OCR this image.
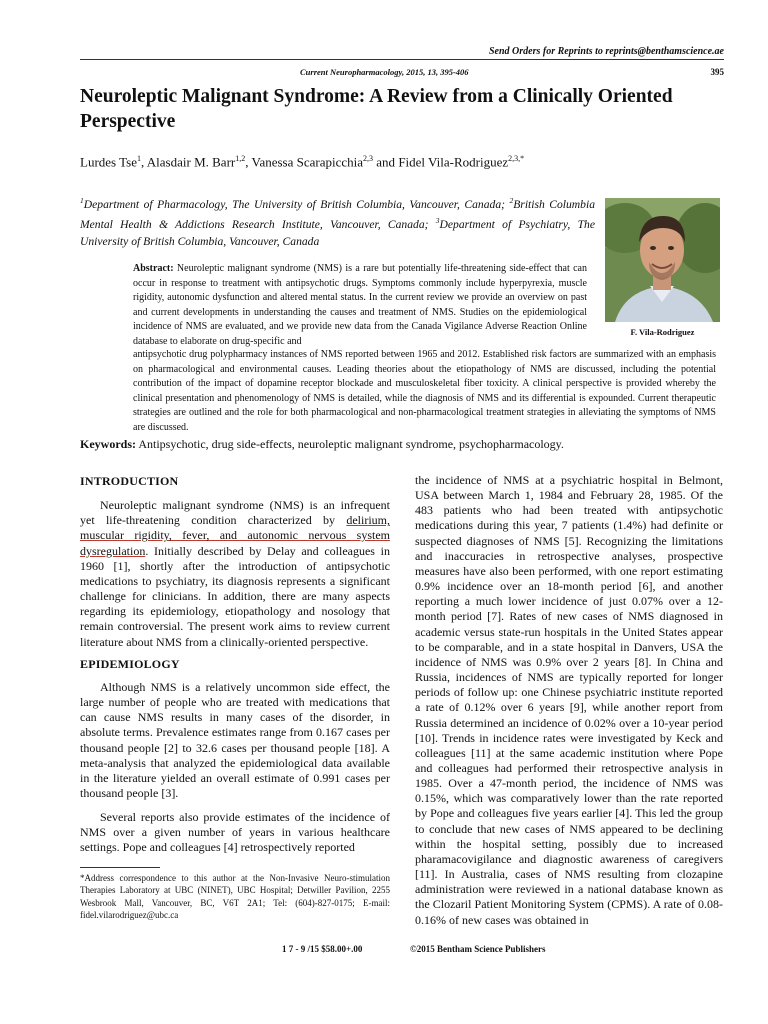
Send Orders for Reprints to reprints@benthamscience.ae
Current Neuropharmacology, 2015, 13, 395-406	395
Neuroleptic Malignant Syndrome: A Review from a Clinically Oriented Perspective
Lurdes Tse$^1$, Alasdair M. Barr$^{1,2}$, Vanessa Scarapicchia$^{2,3}$ and Fidel Vila-Rodriguez$^{2,3,*}$

$^1$Department of Pharmacology, The University of British Columbia, Vancouver, Canada; $^2$British Columbia Mental Health & Addictions Research Institute, Vancouver, Canada; $^3$Department of Psychiatry, The University of British Columbia, Vancouver, Canada

F. Vila-Rodriguez

Abstract: Neuroleptic malignant syndrome (NMS) is a rare but potentially life-threatening side-effect that can occur in response to treatment with antipsychotic drugs. Symptoms commonly include hyperpyrexia, muscle rigidity, autonomic dysfunction and altered mental status. In the current review we provide an overview on past and current developments in understanding the causes and treatment of NMS. Studies on the epidemiological incidence of NMS are evaluated, and we provide new data from the Canada Vigilance Adverse Reaction Online database to elaborate on drug-specific and

antipsychotic drug polypharmacy instances of NMS reported between 1965 and 2012. Established risk factors are summarized with an emphasis on pharmacological and environmental causes. Leading theories about the etiopathology of NMS are discussed, including the potential contribution of the impact of dopamine receptor blockade and musculoskeletal fiber toxicity. A clinical perspective is provided whereby the clinical presentation and phenomenology of NMS is detailed, while the diagnosis of NMS and its differential is expounded. Current therapeutic strategies are outlined and the role for both pharmacological and non-pharmacological treatment strategies in alleviating the symptoms of NMS are discussed.

Keywords: Antipsychotic, drug side-effects, neuroleptic malignant syndrome, psychopharmacology.

INTRODUCTION

Neuroleptic malignant syndrome (NMS) is an infrequent yet life-threatening condition characterized by delirium, muscular rigidity, fever, and autonomic nervous system dysregulation. Initially described by Delay and colleagues in 1960 [1], shortly after the introduction of antipsychotic medications to psychiatry, its diagnosis represents a significant challenge for clinicians. In addition, there are many aspects regarding its epidemiology, etiopathology and nosology that remain controversial. The present work aims to review current literature about NMS from a clinically-oriented perspective.

EPIDEMIOLOGY

Although NMS is a relatively uncommon side effect, the large number of people who are treated with medications that can cause NMS results in many cases of the disorder, in absolute terms. Prevalence estimates range from 0.167 cases per thousand people [2] to 32.6 cases per thousand people [18]. A meta-analysis that analyzed the epidemiological data available in the literature yielded an overall estimate of 0.991 cases per thousand people [3].

Several reports also provide estimates of the incidence of NMS over a given number of years in various healthcare settings. Pope and colleagues [4] retrospectively reported

the incidence of NMS at a psychiatric hospital in Belmont, USA between March 1, 1984 and February 28, 1985. Of the 483 patients who had been treated with antipsychotic medications during this year, 7 patients (1.4%) had definite or suspected diagnoses of NMS [5]. Recognizing the limitations and inaccuracies in retrospective analyses, prospective measures have also been performed, with one report estimating 0.9% incidence over an 18-month period [6], and another reporting a much lower incidence of just 0.07% over a 12-month period [7]. Rates of new cases of NMS diagnosed in academic versus state-run hospitals in the United States appear to be comparable, and in a state hospital in Danvers, USA the incidence of NMS was 0.9% over 2 years [8]. In China and Russia, incidences of NMS are typically reported for longer periods of follow up: one Chinese psychiatric institute reported a rate of 0.12% over 6 years [9], while another report from Russia determined an incidence of 0.02% over a 10-year period [10]. Trends in incidence rates were investigated by Keck and colleagues [11] at the same academic institution where Pope and colleagues had performed their retrospective analysis in 1985. Over a 47-month period, the incidence of NMS was 0.15%, which was comparatively lower than the rate reported by Pope and colleagues five years earlier [4]. This led the group to conclude that new cases of NMS appeared to be declining within the hospital setting, possibly due to increased pharamacovigilance and diagnostic awareness of caregivers [11]. In Australia, cases of NMS resulting from clozapine administration were reviewed in a national database known as the Clozaril Patient Monitoring System (CPMS). A rate of 0.08-0.16% of new cases was obtained in

*Address correspondence to this author at the Non-Invasive Neuro-stimulation Therapies Laboratory at UBC (NINET), UBC Hospital; Detwiller Pavilion, 2255 Wesbrook Mall, Vancouver, BC, V6T 2A1; Tel: (604)-827-0175; E-mail: fidel.vilarodriguez@ubc.ca

1 7 - 9 /15 $58.00+.00	©2015 Bentham Science Publishers
